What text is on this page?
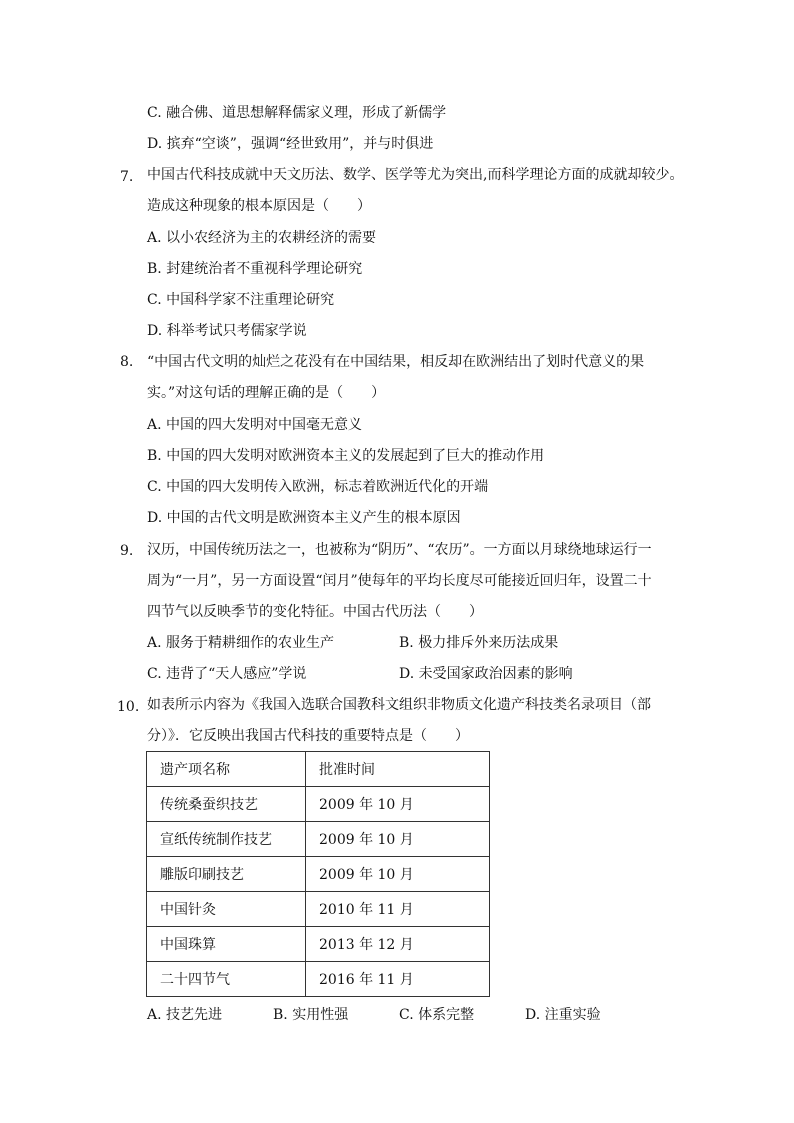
C. 融合佛、道思想解释儒家义理，形成了新儒学
D. 摈弃“空谈”，强调“经世致用”，并与时俱进
7. 中国古代科技成就中天文历法、数学、医学等尤为突出,而科学理论方面的成就却较少。
造成这种现象的根本原因是（　　）
A. 以小农经济为主的农耕经济的需要
B. 封建统治者不重视科学理论研究
C. 中国科学家不注重理论研究
D. 科举考试只考儒家学说
8. “中国古代文明的灿烂之花没有在中国结果，相反却在欧洲结出了划时代意义的果
实。”对这句话的理解正确的是（　　）
A. 中国的四大发明对中国毫无意义
B. 中国的四大发明对欧洲资本主义的发展起到了巨大的推动作用
C. 中国的四大发明传入欧洲，标志着欧洲近代化的开端
D. 中国的古代文明是欧洲资本主义产生的根本原因
9. 汉历，中国传统历法之一，也被称为“阴历”、“农历”。一方面以月球绕地球运行一
周为“一月”，另一方面设置“闰月”使每年的平均长度尽可能接近回归年，设置二十
四节气以反映季节的变化特征。中国古代历法（　　）
A. 服务于精耕细作的农业生产	B. 极力排斥外来历法成果
C. 违背了“天人感应”学说	D. 未受国家政治因素的影响
10. 如表所示内容为《我国入选联合国教科文组织非物质文化遗产科技类名录项目（部
分）》．它反映出我国古代科技的重要特点是（　　）
遗产项名称	批准时间
传统桑蚕织技艺	2009 年 10 月
宣纸传统制作技艺	2009 年 10 月
雕版印刷技艺	2009 年 10 月
中国针灸	2010 年 11 月
中国珠算	2013 年 12 月
二十四节气	2016 年 11 月
A. 技艺先进	B. 实用性强	C. 体系完整	D. 注重实验
